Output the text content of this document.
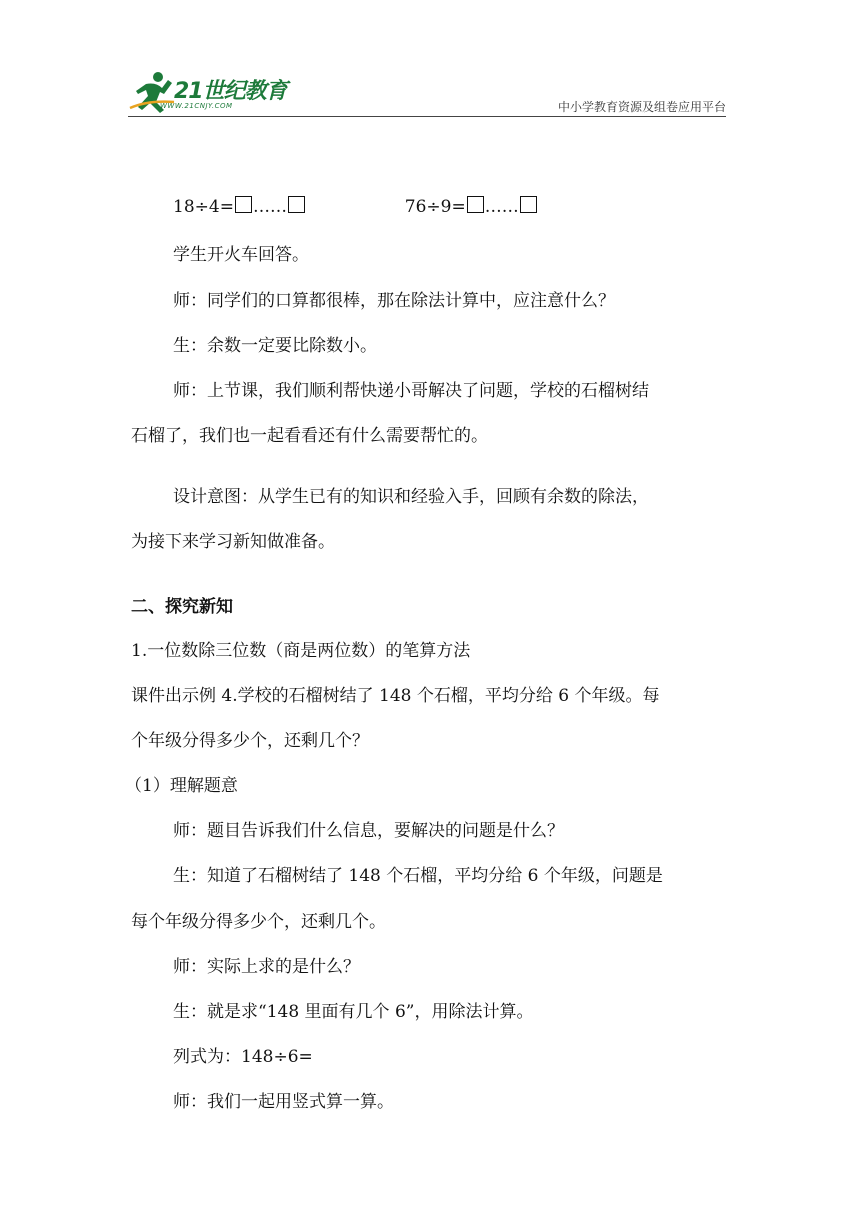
21世纪教育
WWW.21CNJY.COM	中小学教育资源及组卷应用平台
18÷4= ……	76÷9= ……
学生开火车回答。
师：同学们的口算都很棒，那在除法计算中，应注意什么？
生：余数一定要比除数小。
师：上节课，我们顺利帮快递小哥解决了问题，学校的石榴树结
石榴了，我们也一起看看还有什么需要帮忙的。
设计意图：从学生已有的知识和经验入手，回顾有余数的除法，
为接下来学习新知做准备。
二、探究新知
1.一位数除三位数（商是两位数）的笔算方法
课件出示例 4.学校的石榴树结了 148 个石榴，平均分给 6 个年级。每
个年级分得多少个，还剩几个？
（1）理解题意
师：题目告诉我们什么信息，要解决的问题是什么？
生：知道了石榴树结了 148 个石榴，平均分给 6 个年级，问题是
每个年级分得多少个，还剩几个。
师：实际上求的是什么？
生：就是求“148 里面有几个 6”，用除法计算。
列式为：148÷6=
师：我们一起用竖式算一算。
